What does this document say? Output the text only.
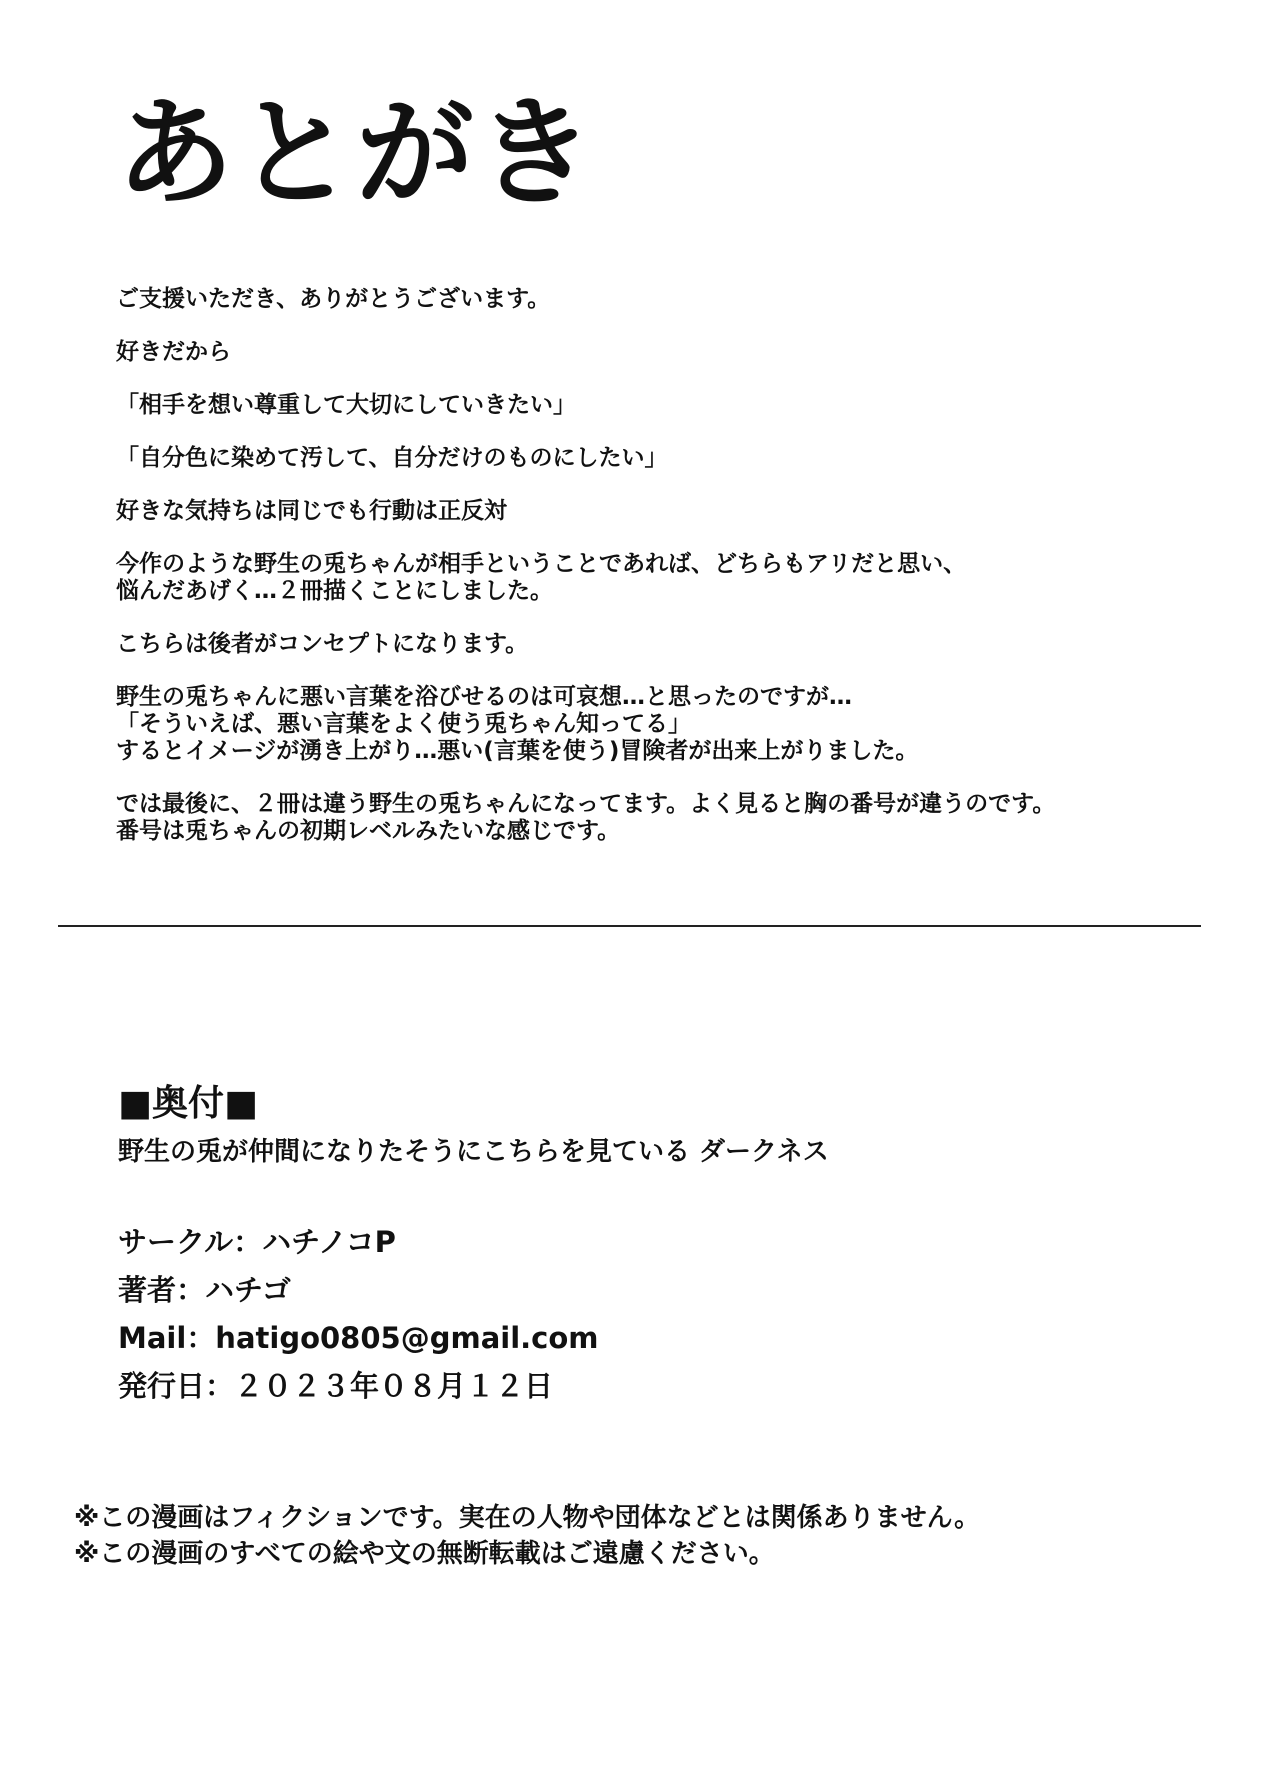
あとがき

ご支援いただき、ありがとうございます。

好きだから

「相手を想い尊重して大切にしていきたい」

「自分色に染めて汚して、自分だけのものにしたい」

好きな気持ちは同じでも行動は正反対

今作のような野生の兎ちゃんが相手ということであれば、どちらもアリだと思い、
悩んだあげく…２冊描くことにしました。

こちらは後者がコンセプトになります。

野生の兎ちゃんに悪い言葉を浴びせるのは可哀想…と思ったのですが…
「そういえば、悪い言葉をよく使う兎ちゃん知ってる」
するとイメージが湧き上がり…悪い(言葉を使う)冒険者が出来上がりました。

では最後に、２冊は違う野生の兎ちゃんになってます。よく見ると胸の番号が違うのです。
番号は兎ちゃんの初期レベルみたいな感じです。

■奥付■
野生の兎が仲間になりたそうにこちらを見ている ダークネス
サークル：ハチノコP
著者：ハチゴ
Mail：hatigo0805@gmail.com
発行日：２０２３年０８月１２日
※この漫画はフィクションです。実在の人物や団体などとは関係ありません。
※この漫画のすべての絵や文の無断転載はご遠慮ください。
